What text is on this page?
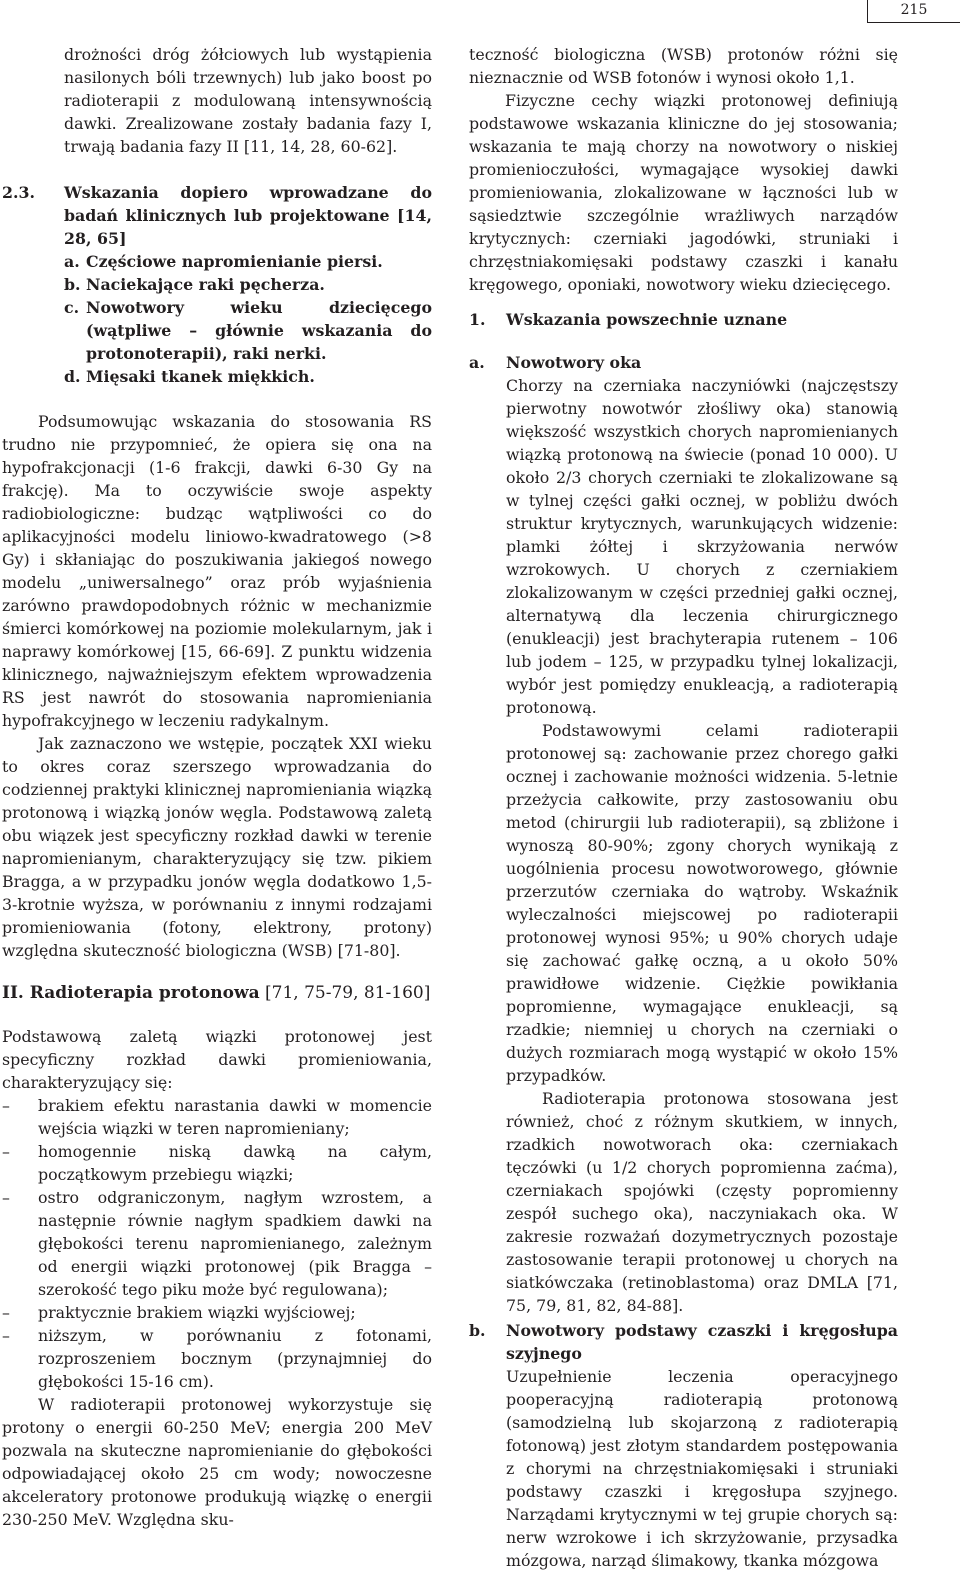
215

drożności dróg żółciowych lub wystąpienia nasilonych bóli trzewnych) lub jako boost po radioterapii z modulowaną intensywnością dawki. Zrealizowane zostały badania fazy I, trwają badania fazy II [11, 14, 28, 60-62].

2.3.	Wskazania dopiero wprowadzane do badań klinicznych lub projektowane [14, 28, 65]
a. Częściowe napromienianie piersi.
b. Naciekające raki pęcherza.
c. Nowotwory wieku dziecięcego (wątpliwe – głównie wskazania do protonoterapii), raki nerki.
d. Mięsaki tkanek miękkich.

Podsumowując wskazania do stosowania RS trudno nie przypomnieć, że opiera się ona na hypofrakcjonacji (1-6 frakcji, dawki 6-30 Gy na frakcję). Ma to oczywiście swoje aspekty radiobiologiczne: budząc wątpliwości co do aplikacyjności modelu liniowo-kwadratowego (>8 Gy) i skłaniając do poszukiwania jakiegoś nowego modelu „uniwersalnego” oraz prób wyjaśnienia zarówno prawdopodobnych różnic w mechanizmie śmierci komórkowej na poziomie molekularnym, jak i naprawy komórkowej [15, 66-69]. Z punktu widzenia klinicznego, najważniejszym efektem wprowadzenia RS jest nawrót do stosowania napromieniania hypofrakcyjnego w leczeniu radykalnym.

Jak zaznaczono we wstępie, początek XXI wieku to okres coraz szerszego wprowadzania do codziennej praktyki klinicznej napromieniania wiązką protonową i wiązką jonów węgla. Podstawową zaletą obu wiązek jest specyficzny rozkład dawki w terenie napromienianym, charakteryzujący się tzw. pikiem Bragga, a w przypadku jonów węgla dodatkowo 1,5-3-krotnie wyższa, w porównaniu z innymi rodzajami promieniowania (fotony, elektrony, protony) względna skuteczność biologiczna (WSB) [71-80].

II. Radioterapia protonowa [71, 75-79, 81-160]

Podstawową zaletą wiązki protonowej jest specyficzny rozkład dawki promieniowania, charakteryzujący się:

–	brakiem efektu narastania dawki w momencie wejścia wiązki w teren napromieniany;
–	homogennie niską dawką na całym, początkowym przebiegu wiązki;
–	ostro odgraniczonym, nagłym wzrostem, a następnie równie nagłym spadkiem dawki na głębokości terenu napromienianego, zależnym od energii wiązki protonowej (pik Bragga – szerokość tego piku może być regulowana);
–	praktycznie brakiem wiązki wyjściowej;
–	niższym, w porównaniu z fotonami, rozproszeniem bocznym (przynajmniej do głębokości 15-16 cm).

W radioterapii protonowej wykorzystuje się protony o energii 60-250 MeV; energia 200 MeV pozwala na skuteczne napromienianie do głębokości odpowiadającej około 25 cm wody; nowoczesne akceleratory protonowe produkują wiązkę o energii 230-250 MeV. Względna sku-

teczność biologiczna (WSB) protonów różni się nieznacznie od WSB fotonów i wynosi około 1,1.

Fizyczne cechy wiązki protonowej definiują podstawowe wskazania kliniczne do jej stosowania; wskazania te mają chorzy na nowotwory o niskiej promienioczułości, wymagające wysokiej dawki promieniowania, zlokalizowane w łączności lub w sąsiedztwie szczególnie wrażliwych narządów krytycznych: czerniaki jagodówki, struniaki i chrzęstniakomięsaki podstawy czaszki i kanału kręgowego, oponiaki, nowotwory wieku dziecięcego.

1.	Wskazania powszechnie uznane
a.	Nowotwory oka

Chorzy na czerniaka naczyniówki (najczęstszy pierwotny nowotwór złośliwy oka) stanowią większość wszystkich chorych napromienianych wiązką protonową na świecie (ponad 10 000). U około 2/3 chorych czerniaki te zlokalizowane są w tylnej części gałki ocznej, w pobliżu dwóch struktur krytycznych, warunkujących widzenie: plamki żółtej i skrzyżowania nerwów wzrokowych. U chorych z czerniakiem zlokalizowanym w części przedniej gałki ocznej, alternatywą dla leczenia chirurgicznego (enukleacji) jest brachyterapia rutenem – 106 lub jodem – 125, w przypadku tylnej lokalizacji, wybór jest pomiędzy enukleacją, a radioterapią protonową.

Podstawowymi celami radioterapii protonowej są: zachowanie przez chorego gałki ocznej i zachowanie możności widzenia. 5-letnie przeżycia całkowite, przy zastosowaniu obu metod (chirurgii lub radioterapii), są zbliżone i wynoszą 80-90%; zgony chorych wynikają z uogólnienia procesu nowotworowego, głównie przerzutów czerniaka do wątroby. Wskaźnik wyleczalności miejscowej po radioterapii protonowej wynosi 95%; u 90% chorych udaje się zachować gałkę oczną, a u około 50% prawidłowe widzenie. Ciężkie powikłania popromienne, wymagające enukleacji, są rzadkie; niemniej u chorych na czerniaki o dużych rozmiarach mogą wystąpić w około 15% przypadków.

Radioterapia protonowa stosowana jest również, choć z różnym skutkiem, w innych, rzadkich nowotworach oka: czerniakach tęczówki (u 1/2 chorych popromienna zaćma), czerniakach spojówki (częsty popromienny zespół suchego oka), naczyniakach oka. W zakresie rozważań dozymetrycznych pozostaje zastosowanie terapii protonowej u chorych na siatkówczaka (retinoblastoma) oraz DMLA [71, 75, 79, 81, 82, 84-88].

b.	Nowotwory podstawy czaszki i kręgosłupa szyjnego

Uzupełnienie leczenia operacyjnego pooperacyjną radioterapią protonową (samodzielną lub skojarzoną z radioterapią fotonową) jest złotym standardem postępowania z chorymi na chrzęstniakomięsaki i struniaki podstawy czaszki i kręgosłupa szyjnego. Narządami krytycznymi w tej grupie chorych są: nerw wzrokowe i ich skrzyżowanie, przysadka mózgowa, narząd ślimakowy, tkanka mózgowa
